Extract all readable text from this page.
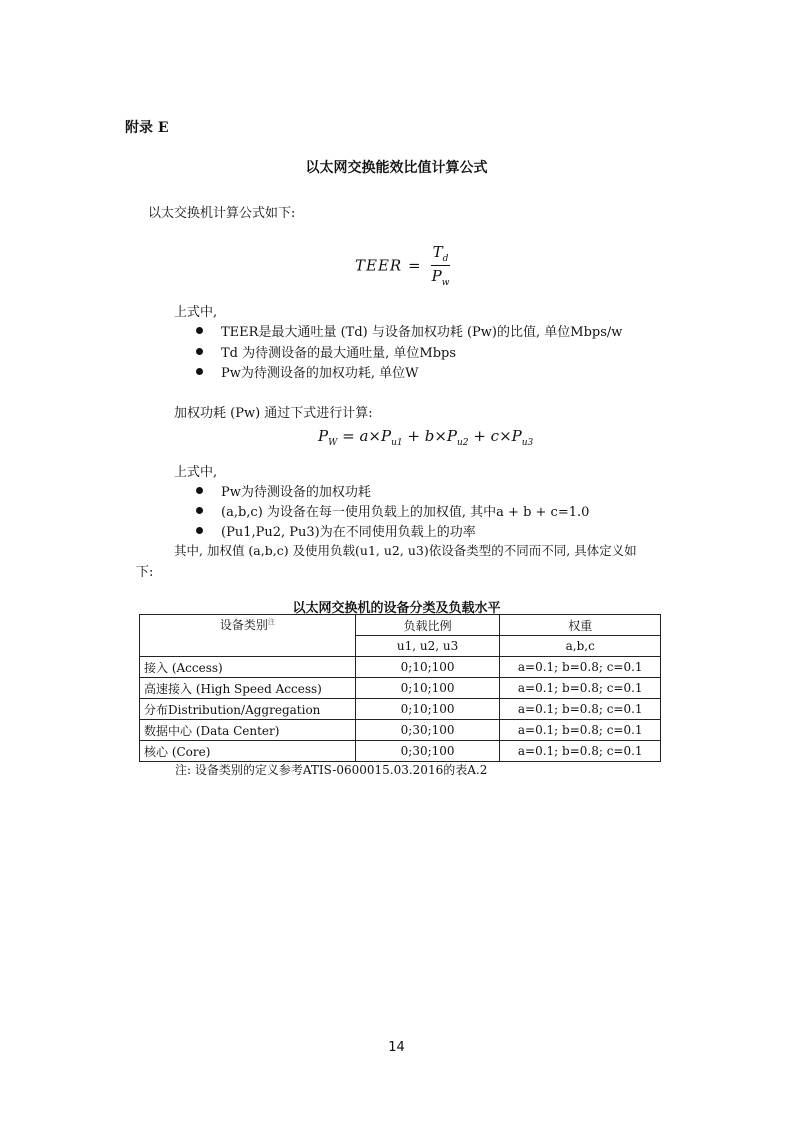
附录 E
以太网交换能效比值计算公式
以太交换机计算公式如下:
TEER = $\frac{T_d}{P_w}$
上式中,
TEER是最大通吐量 (Td) 与设备加权功耗 (Pw)的比值, 单位Mbps/w
Td 为待测设备的最大通吐量, 单位Mbps
Pw为待测设备的加权功耗, 单位W
加权功耗 (Pw) 通过下式进行计算:
$P_W = a\times P_{u1} + b\times P_{u2} + c\times P_{u3}$
上式中,
Pw为待测设备的加权功耗
(a,b,c) 为设备在每一使用负载上的加权值, 其中a + b + c=1.0
(Pu1,Pu2, Pu3)为在不同使用负载上的功率
其中, 加权值 (a,b,c) 及使用负载(u1, u2, u3)依设备类型的不同而不同, 具体定义如
下:
以太网交换机的设备分类及负载水平
设备类别$^注$	负载比例	权重
	u1, u2, u3	a,b,c
接入 (Access)	0;10;100	a=0.1; b=0.8; c=0.1
高速接入 (High Speed Access)	0;10;100	a=0.1; b=0.8; c=0.1
分布Distribution/Aggregation	0;10;100	a=0.1; b=0.8; c=0.1
数据中心 (Data Center)	0;30;100	a=0.1; b=0.8; c=0.1
核心 (Core)	0;30;100	a=0.1; b=0.8; c=0.1
注: 设备类别的定义参考ATIS-0600015.03.2016的表A.2
14
